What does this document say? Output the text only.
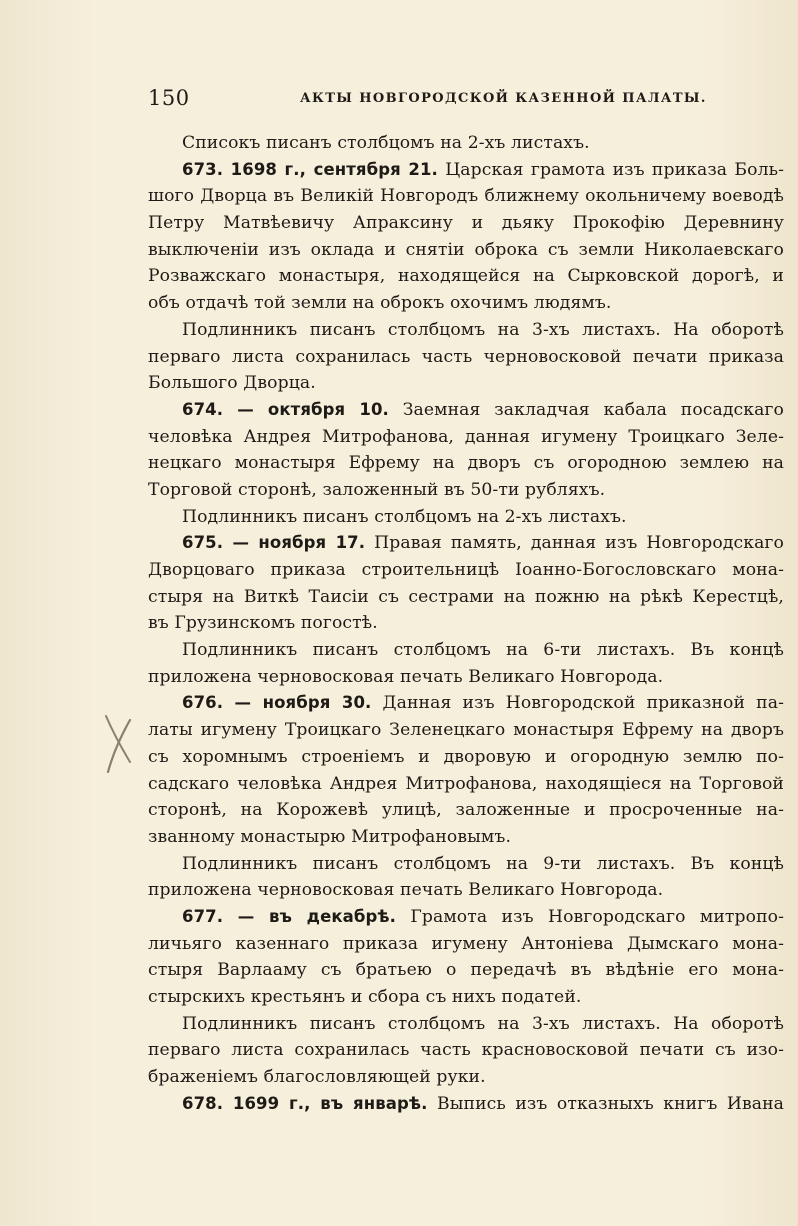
150	АКТЫ НОВГОРОДСКОЙ КАЗЕННОЙ ПАЛАТЫ.
Списокъ писанъ столбцомъ на 2-хъ листахъ.
673. 1698 г., сентября 21. Царская грамота изъ приказа Боль-
шого Дворца въ Великій Новгородъ ближнему окольничему воеводѣ
Петру Матвѣевичу Апраксину и дьяку Прокофію Деревнину
выключеніи изъ оклада и снятіи оброка съ земли Николаевскаго
Розважскаго монастыря, находящейся на Сырковской дорогѣ, и
объ отдачѣ той земли на оброкъ охочимъ людямъ.
Подлинникъ писанъ столбцомъ на 3-хъ листахъ. На оборотѣ
перваго листа сохранилась часть черновосковой печати приказа
Большого Дворца.
674. — октября 10. Заемная закладчая кабала посадскаго
человѣка Андрея Митрофанова, данная игумену Троицкаго Зеле-
нецкаго монастыря Ефрему на дворъ съ огородною землею на
Торговой сторонѣ, заложенный въ 50-ти рубляхъ.
Подлинникъ писанъ столбцомъ на 2-хъ листахъ.
675. — ноября 17. Правая память, данная изъ Новгородскаго
Дворцоваго приказа строительницѣ Іоанно-Богословскаго мона-
стыря на Виткѣ Таисіи съ сестрами на пожню на рѣкѣ Керестцѣ,
въ Грузинскомъ погостѣ.
Подлинникъ писанъ столбцомъ на 6-ти листахъ. Въ концѣ
приложена черновосковая печать Великаго Новгорода.
676. — ноября 30. Данная изъ Новгородской приказной па-
латы игумену Троицкаго Зеленецкаго монастыря Ефрему на дворъ
съ хоромнымъ строеніемъ и дворовую и огородную землю по-
садскаго человѣка Андрея Митрофанова, находящіеся на Торговой
сторонѣ, на Корожевѣ улицѣ, заложенные и просроченные на-
званному монастырю Митрофановымъ.
Подлинникъ писанъ столбцомъ на 9-ти листахъ. Въ концѣ
приложена черновосковая печать Великаго Новгорода.
677. — въ декабрѣ. Грамота изъ Новгородскаго митропо-
личьяго казеннаго приказа игумену Антоніева Дымскаго мона-
стыря Варлааму съ братьею о передачѣ въ вѣдѣніе его мона-
стырскихъ крестьянъ и сбора съ нихъ податей.
Подлинникъ писанъ столбцомъ на 3-хъ листахъ. На оборотѣ
перваго листа сохранилась часть красновосковой печати съ изо-
браженіемъ благословляющей руки.
678. 1699 г., въ январѣ. Выпись изъ отказныхъ книгъ Ивана
